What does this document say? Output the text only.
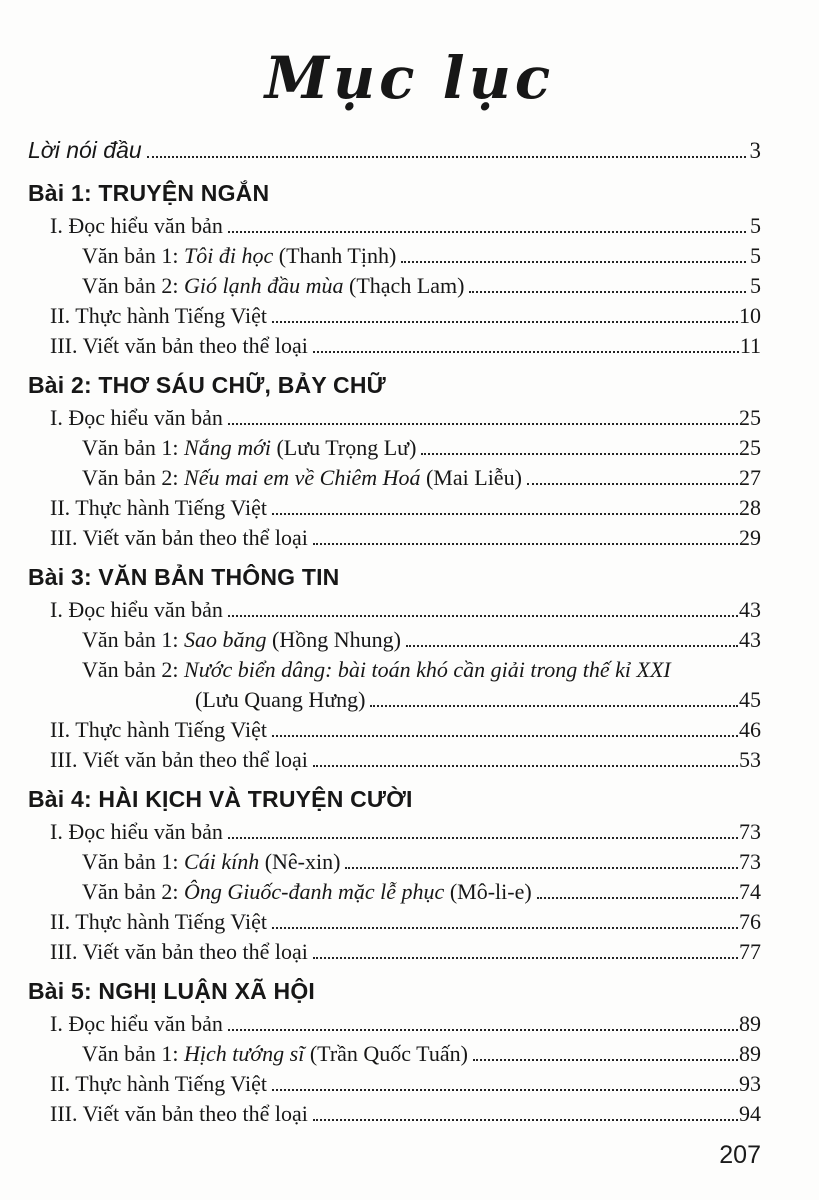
Mục lục
Lời nói đầu	3
Bài 1: TRUYỆN NGẮN
I. Đọc hiểu văn bản	5
Văn bản 1: Tôi đi học (Thanh Tịnh)	5
Văn bản 2: Gió lạnh đầu mùa (Thạch Lam)	5
II. Thực hành Tiếng Việt	10
III. Viết văn bản theo thể loại	11
Bài 2: THƠ SÁU CHỮ, BẢY CHỮ
I. Đọc hiểu văn bản	25
Văn bản 1: Nắng mới (Lưu Trọng Lư)	25
Văn bản 2: Nếu mai em về Chiêm Hoá (Mai Liễu)	27
II. Thực hành Tiếng Việt	28
III. Viết văn bản theo thể loại	29
Bài 3: VĂN BẢN THÔNG TIN
I. Đọc hiểu văn bản	43
Văn bản 1: Sao băng (Hồng Nhung)	43
Văn bản 2: Nước biển dâng: bài toán khó cần giải trong thế kỉ XXI
(Lưu Quang Hưng)	45
II. Thực hành Tiếng Việt	46
III. Viết văn bản theo thể loại	53
Bài 4: HÀI KỊCH VÀ TRUYỆN CƯỜI
I. Đọc hiểu văn bản	73
Văn bản 1: Cái kính (Nê-xin)	73
Văn bản 2: Ông Giuốc-đanh mặc lễ phục (Mô-li-e)	74
II. Thực hành Tiếng Việt	76
III. Viết văn bản theo thể loại	77
Bài 5: NGHỊ LUẬN XÃ HỘI
I. Đọc hiểu văn bản	89
Văn bản 1: Hịch tướng sĩ (Trần Quốc Tuấn)	89
II. Thực hành Tiếng Việt	93
III. Viết văn bản theo thể loại	94
207
